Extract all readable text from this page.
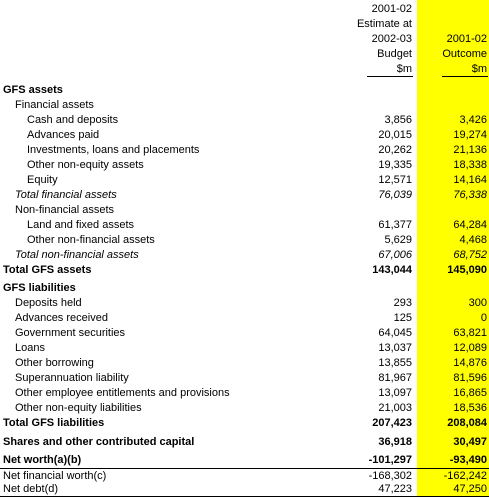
2001-02
Estimate at
2002-03	2001-02
Budget	Outcome
$m	$m
GFS assets
Financial assets
Cash and deposits	3,856	3,426
Advances paid	20,015	19,274
Investments, loans and placements	20,262	21,136
Other non-equity assets	19,335	18,338
Equity	12,571	14,164
Total financial assets	76,039	76,338
Non-financial assets
Land and fixed assets	61,377	64,284
Other non-financial assets	5,629	4,468
Total non-financial assets	67,006	68,752
Total GFS assets	143,044	145,090
GFS liabilities
Deposits held	293	300
Advances received	125	0
Government securities	64,045	63,821
Loans	13,037	12,089
Other borrowing	13,855	14,876
Superannuation liability	81,967	81,596
Other employee entitlements and provisions	13,097	16,865
Other non-equity liabilities	21,003	18,536
Total GFS liabilities	207,423	208,084
Shares and other contributed capital	36,918	30,497
Net worth(a)(b)	-101,297	-93,490
Net financial worth(c)	-168,302	-162,242
Net debt(d)	47,223	47,250
